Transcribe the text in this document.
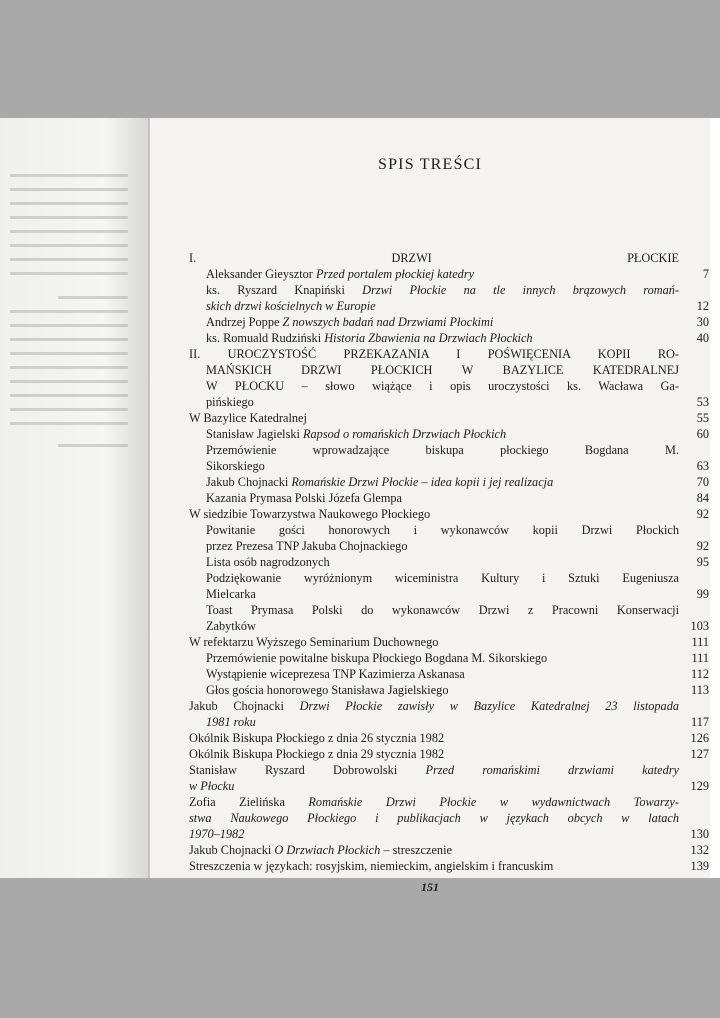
SPIS TREŚCI
I. DRZWI PŁOCKIE
Aleksander Gieysztor Przed portalem płockiej katedry	7
ks. Ryszard Knapiński Drzwi Płockie na tle innych brązowych romań-
skich drzwi kościelnych w Europie	12
Andrzej Poppe Z nowszych badań nad Drzwiami Płockimi	30
ks. Romuald Rudziński Historia Zbawienia na Drzwiach Płockich	40
II. UROCZYSTOŚĆ PRZEKAZANIA I POŚWIĘCENIA KOPII RO-
MAŃSKICH DRZWI PŁOCKICH W BAZYLICE KATEDRALNEJ
W PŁOCKU – słowo wiążące i opis uroczystości ks. Wacława Ga-
pińskiego	53
W Bazylice Katedralnej	55
Stanisław Jagielski Rapsod o romańskich Drzwiach Płockich	60
Przemówienie wprowadzające biskupa płockiego Bogdana M.
Sikorskiego	63
Jakub Chojnacki Romańskie Drzwi Płockie – idea kopii i jej realizacja	70
Kazania Prymasa Polski Józefa Glempa	84
W siedzibie Towarzystwa Naukowego Płockiego	92
Powitanie gości honorowych i wykonawców kopii Drzwi Płockich
przez Prezesa TNP Jakuba Chojnackiego	92
Lista osób nagrodzonych	95
Podziękowanie wyróżnionym wiceministra Kultury i Sztuki Eugeniusza
Mielcarka	99
Toast Prymasa Polski do wykonawców Drzwi z Pracowni Konserwacji
Zabytków	103
W refektarzu Wyższego Seminarium Duchownego	111
Przemówienie powitalne biskupa Płockiego Bogdana M. Sikorskiego	111
Wystąpienie wiceprezesa TNP Kazimierza Askanasa	112
Głos gościa honorowego Stanisława Jagielskiego	113
Jakub Chojnacki Drzwi Płockie zawisły w Bazylice Katedralnej 23 listopada
1981 roku	117
Okólnik Biskupa Płockiego z dnia 26 stycznia 1982	126
Okólnik Biskupa Płockiego z dnia 29 stycznia 1982	127
Stanisław Ryszard Dobrowolski Przed romańskimi drzwiami katedry
w Płocku	129
Zofia Zielińska Romańskie Drzwi Płockie w wydawnictwach Towarzy-
stwa Naukowego Płockiego i publikacjach w językach obcych w latach
1970–1982	130
Jakub Chojnacki O Drzwiach Płockich – streszczenie	132
Streszczenia w językach: rosyjskim, niemieckim, angielskim i francuskim	139
151
